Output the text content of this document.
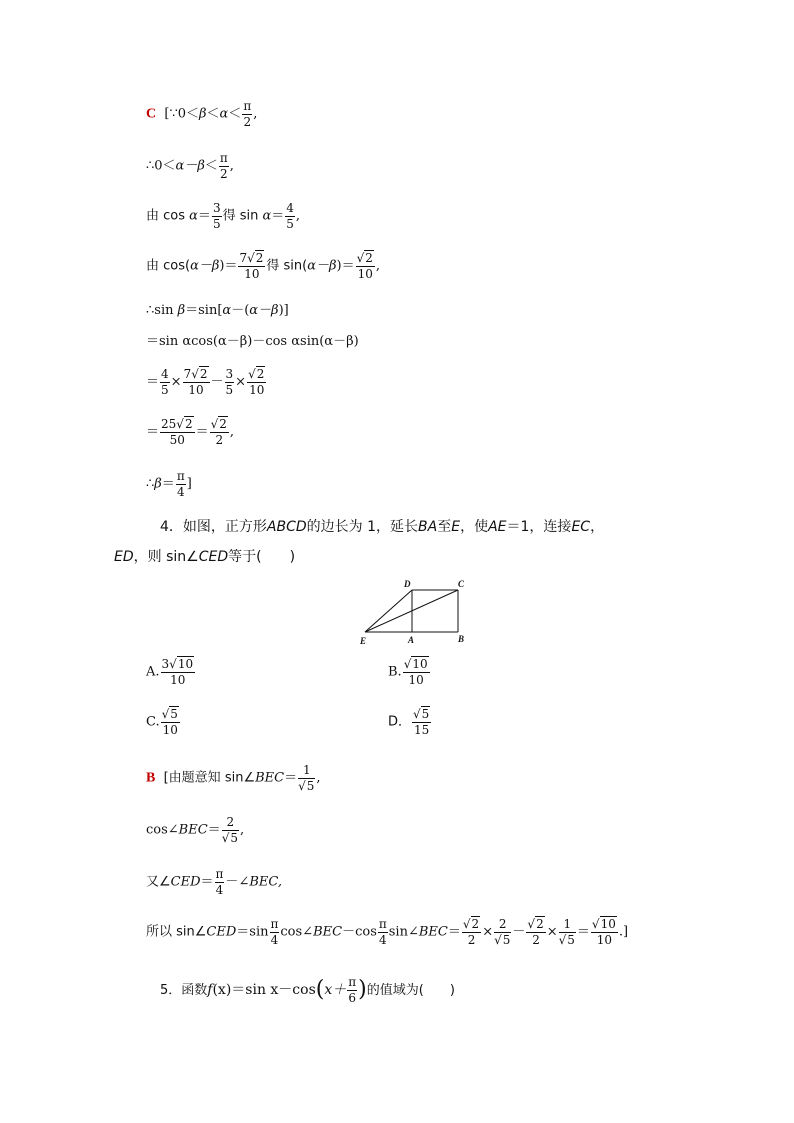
C [∵0＜β＜α＜ $\frac{\pi}{2}$ ,
∴0＜α－β＜ $\frac{\pi}{2}$ ,
由 $\cos \alpha= \frac{3}{5}$ 得 $\sin \alpha= \frac{4}{5}$ ,
由 $\cos(\alpha-\beta)= \frac{7√2}{10}$ 得 $\sin(\alpha-\beta)= \frac{√2}{10}$ ,
∴sin β＝sin[α－(α－β)]
＝sin αcos(α－β)－cos αsin(α－β)
＝ $\frac{4}{5} \times \frac{7√2}{10} - \frac{3}{5} \times \frac{√2}{10}$
＝ $\frac{25√2}{50} = \frac{√2}{2}$ ,
∴β＝ $\frac{\pi}{4}$ ]
4．如图，正方形ABCD的边长为 1，延长BA至E，使AE＝1，连接EC，
ED，则 sin∠CED等于(　　)
D	C
E	A	B
A. $\frac{3√10}{10}$	B. $\frac{√10}{10}$
C. $\frac{√5}{10}$	D． $\frac{√5}{15}$
B [由题意知 sin∠BEC＝ $\frac{1}{√5}$ ,
cos∠BEC＝ $\frac{2}{√5}$ ,
又∠CED＝ $\frac{\pi}{4}$ －∠BEC,
所以 sin∠CED＝sin $\frac{\pi}{4}$ cos∠BEC－cos $\frac{\pi}{4}$ sin∠BEC＝ $\frac{√2}{2} \times \frac{2}{√5} - \frac{√2}{2} \times \frac{1}{√5} = \frac{√10}{10}$ .]
5．函数f(x)＝sin $x-\cos(x+ \frac{\pi}{6}$ )的值域为(　　)
